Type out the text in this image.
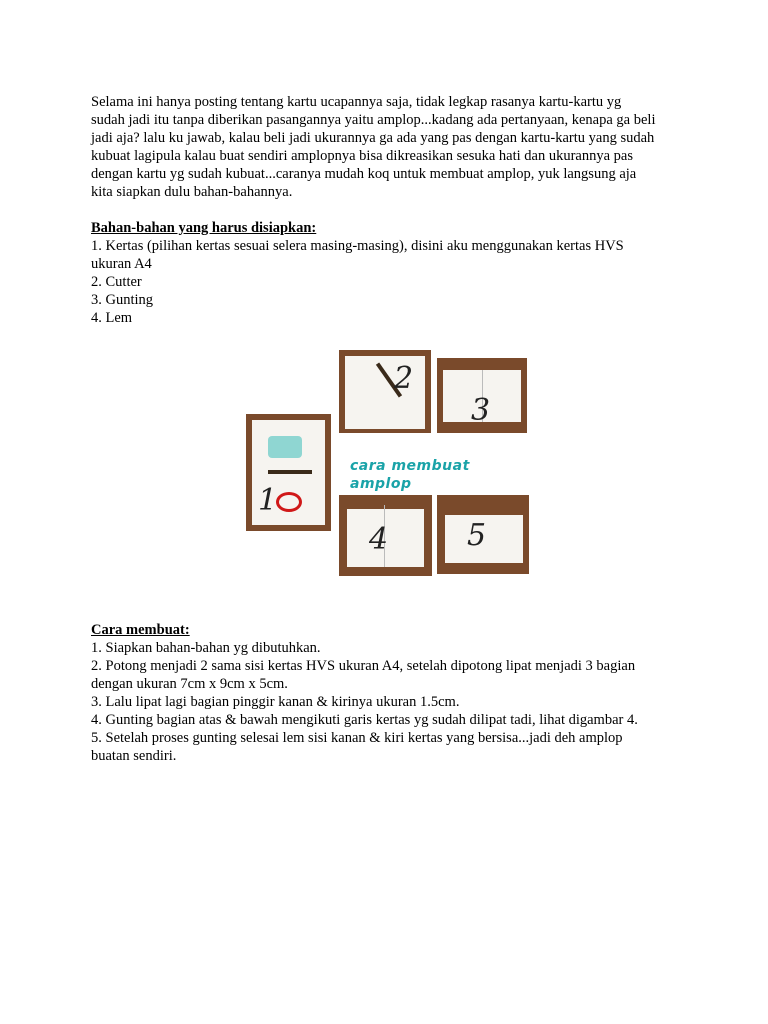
Selama ini hanya posting tentang kartu ucapannya saja, tidak legkap rasanya kartu-kartu yg
sudah jadi itu tanpa diberikan pasangannya yaitu amplop...kadang ada pertanyaan, kenapa ga beli
jadi aja? lalu ku jawab, kalau beli jadi ukurannya ga ada yang pas dengan kartu-kartu yang sudah
kubuat lagipula kalau buat sendiri amplopnya bisa dikreasikan sesuka hati dan ukurannya pas
dengan kartu yg sudah kubuat...caranya mudah koq untuk membuat amplop, yuk langsung aja
kita siapkan dulu bahan-bahannya.

Bahan-bahan yang harus disiapkan:
1. Kertas (pilihan kertas sesuai selera masing-masing), disini aku menggunakan kertas HVS ukuran A4
2. Cutter
3. Gunting
4. Lem
2
3
1
cara membuat amplop
4	5
Cara membuat:
1. Siapkan bahan-bahan yg dibutuhkan.
2. Potong menjadi 2 sama sisi kertas HVS ukuran A4, setelah dipotong lipat menjadi 3 bagian dengan ukuran 7cm x 9cm x 5cm.
3. Lalu lipat lagi bagian pinggir kanan & kirinya ukuran 1.5cm.
4. Gunting bagian atas & bawah mengikuti garis kertas yg sudah dilipat tadi, lihat digambar 4.
5. Setelah proses gunting selesai lem sisi kanan & kiri kertas yang bersisa...jadi deh amplop buatan sendiri.
